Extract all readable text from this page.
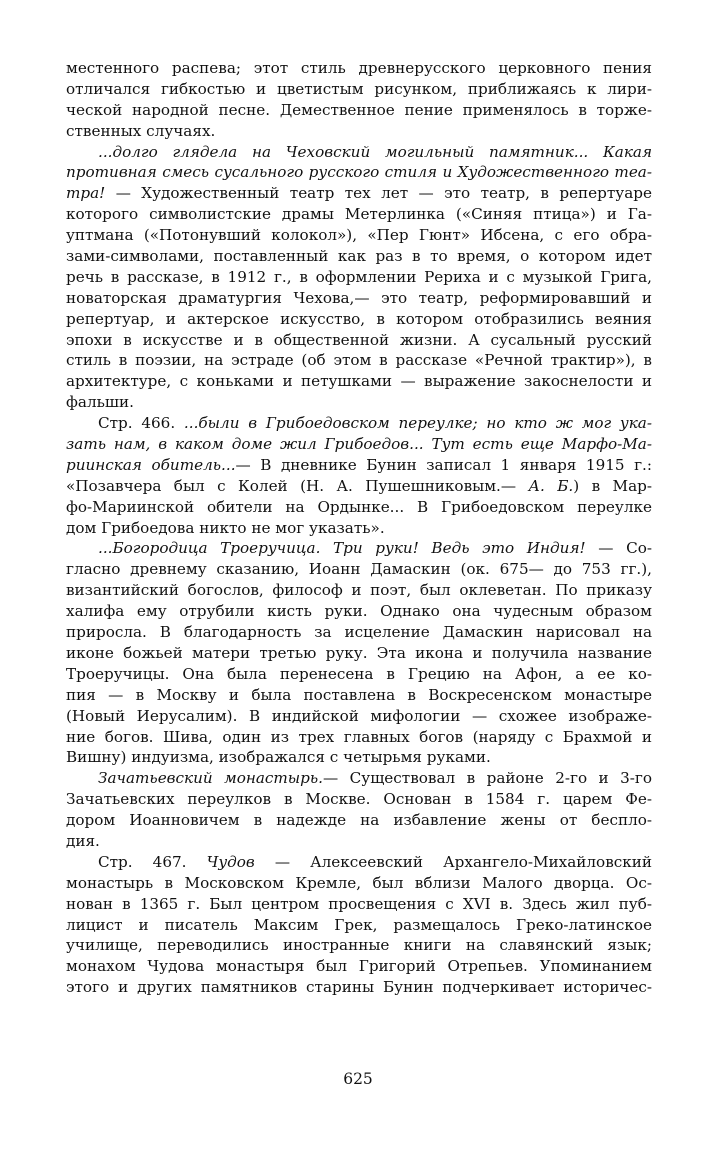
местенного распева; этот стиль древнерусского церковного пения
отличался гибкостью и цветистым рисунком, приближаясь к лири-
ческой народной песне. Демественное пение применялось в торже-
ственных случаях.
...долго глядела на Чеховский могильный памятник... Какая
противная смесь сусального русского стиля и Художественного теа-
тра! — Художественный театр тех лет — это театр, в репертуаре
которого символистские драмы Метерлинка («Синяя птица») и Га-
уптмана («Потонувший колокол»), «Пер Гюнт» Ибсена, с его обра-
зами-символами, поставленный как раз в то время, о котором идет
речь в рассказе, в 1912 г., в оформлении Рериха и с музыкой Грига,
новаторская драматургия Чехова,— это театр, реформировавший и
репертуар, и актерское искусство, в котором отобразились веяния
эпохи в искусстве и в общественной жизни. А сусальный русский
стиль в поэзии, на эстраде (об этом в рассказе «Речной трактир»), в
архитектуре, с коньками и петушками — выражение закоснелости и
фальши.
Стр. 466. ...были в Грибоедовском переулке; но кто ж мог ука-
зать нам, в каком доме жил Грибоедов... Тут есть еще Марфо-Ма-
риинская обитель...— В дневнике Бунин записал 1 января 1915 г.:
«Позавчера был с Колей (Н. А. Пушешниковым.— А. Б.) в Мар-
фо-Мариинской обители на Ордынке... В Грибоедовском переулке
дом Грибоедова никто не мог указать».
...Богородица Троеручица. Три руки! Ведь это Индия! — Со-
гласно древнему сказанию, Иоанн Дамаскин (ок. 675— до 753 гг.),
византийский богослов, философ и поэт, был оклеветан. По приказу
халифа ему отрубили кисть руки. Однако она чудесным образом
приросла. В благодарность за исцеление Дамаскин нарисовал на
иконе божьей матери третью руку. Эта икона и получила название
Троеручицы. Она была перенесена в Грецию на Афон, а ее ко-
пия — в Москву и была поставлена в Воскресенском монастыре
(Новый Иерусалим). В индийской мифологии — схожее изображе-
ние богов. Шива, один из трех главных богов (наряду с Брахмой и
Вишну) индуизма, изображался с четырьмя руками.
Зачатьевский монастырь.— Существовал в районе 2-го и 3-го
Зачатьевских переулков в Москве. Основан в 1584 г. царем Фе-
дором Иоанновичем в надежде на избавление жены от беспло-
дия.
Стр. 467. Чудов — Алексеевский Архангело-Михайловский
монастырь в Московском Кремле, был вблизи Малого дворца. Ос-
нован в 1365 г. Был центром просвещения с XVI в. Здесь жил пуб-
лицист и писатель Максим Грек, размещалось Греко-латинское
училище, переводились иностранные книги на славянский язык;
монахом Чудова монастыря был Григорий Отрепьев. Упоминанием
этого и других памятников старины Бунин подчеркивает историчес-
625
